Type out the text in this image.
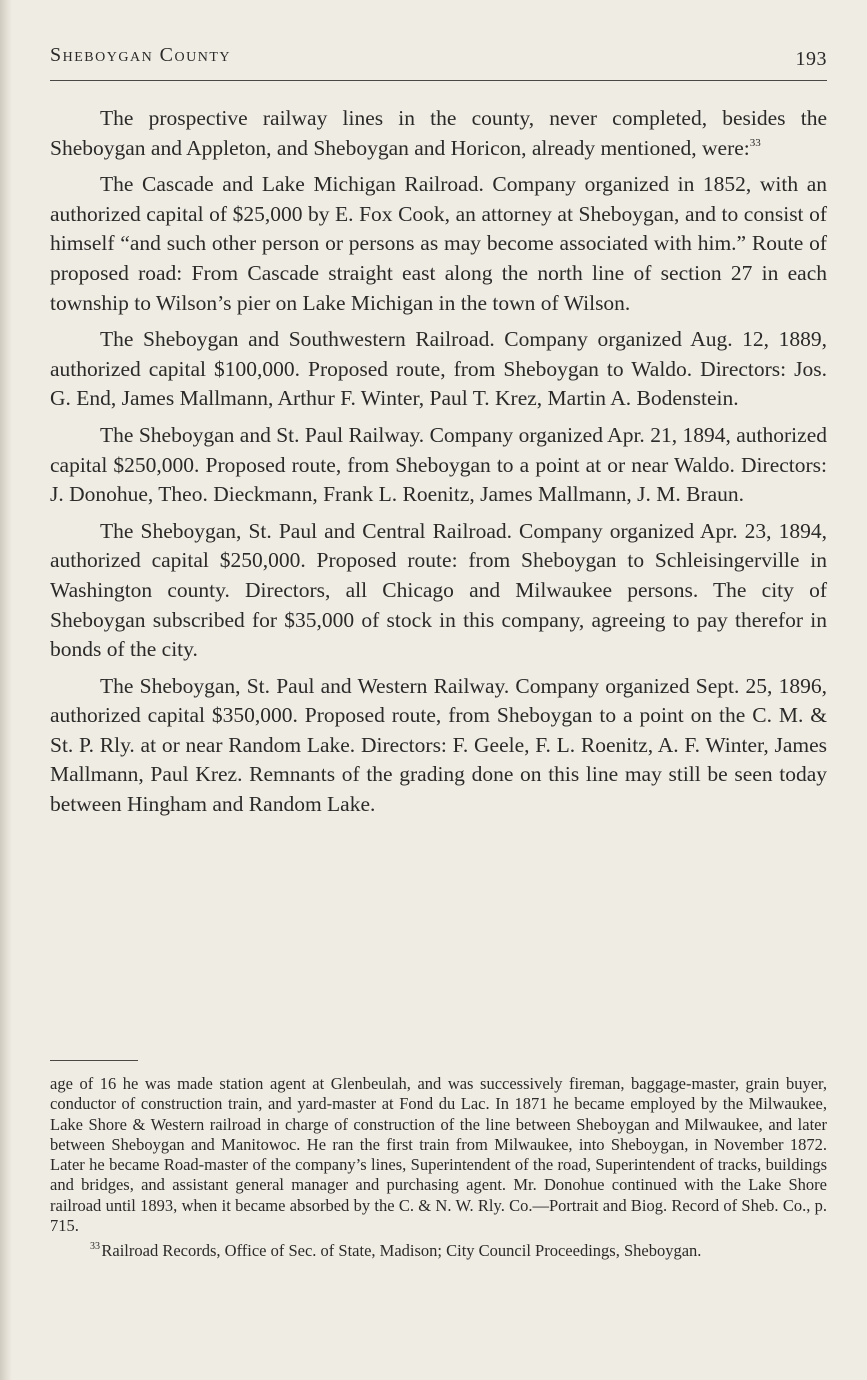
Sheboygan County	193

The prospective railway lines in the county, never completed, besides the Sheboygan and Appleton, and Sheboygan and Horicon, already mentioned, were:$^{33}$

The Cascade and Lake Michigan Railroad. Company organized in 1852, with an authorized capital of $25,000 by E. Fox Cook, an attorney at Sheboygan, and to consist of himself “and such other person or persons as may become associated with him.” Route of proposed road: From Cascade straight east along the north line of section 27 in each township to Wilson’s pier on Lake Michigan in the town of Wilson.

The Sheboygan and Southwestern Railroad. Company organized Aug. 12, 1889, authorized capital $100,000. Proposed route, from Sheboygan to Waldo. Directors: Jos. G. End, James Mallmann, Arthur F. Winter, Paul T. Krez, Martin A. Bodenstein.

The Sheboygan and St. Paul Railway. Company organized Apr. 21, 1894, authorized capital $250,000. Proposed route, from Sheboygan to a point at or near Waldo. Directors: J. Donohue, Theo. Dieckmann, Frank L. Roenitz, James Mallmann, J. M. Braun.

The Sheboygan, St. Paul and Central Railroad. Company organized Apr. 23, 1894, authorized capital $250,000. Proposed route: from Sheboygan to Schleisingerville in Washington county. Directors, all Chicago and Milwaukee persons. The city of Sheboygan subscribed for $35,000 of stock in this company, agreeing to pay therefor in bonds of the city.

The Sheboygan, St. Paul and Western Railway. Company organized Sept. 25, 1896, authorized capital $350,000. Proposed route, from Sheboygan to a point on the C. M. & St. P. Rly. at or near Random Lake. Directors: F. Geele, F. L. Roenitz, A. F. Winter, James Mallmann, Paul Krez. Remnants of the grading done on this line may still be seen today between Hingham and Random Lake.

age of 16 he was made station agent at Glenbeulah, and was successively fireman, baggage-master, grain buyer, conductor of construction train, and yard-master at Fond du Lac. In 1871 he became employed by the Milwaukee, Lake Shore & Western railroad in charge of construction of the line between Sheboygan and Milwaukee, and later between Sheboygan and Manitowoc. He ran the first train from Milwaukee, into Sheboygan, in November 1872. Later he became Road-master of the company’s lines, Superintendent of the road, Superintendent of tracks, buildings and bridges, and assistant general manager and purchasing agent. Mr. Donohue continued with the Lake Shore railroad until 1893, when it became absorbed by the C. & N. W. Rly. Co.—Portrait and Biog. Record of Sheb. Co., p. 715.

$^{33}$ Railroad Records, Office of Sec. of State, Madison; City Council Proceedings, Sheboygan.
